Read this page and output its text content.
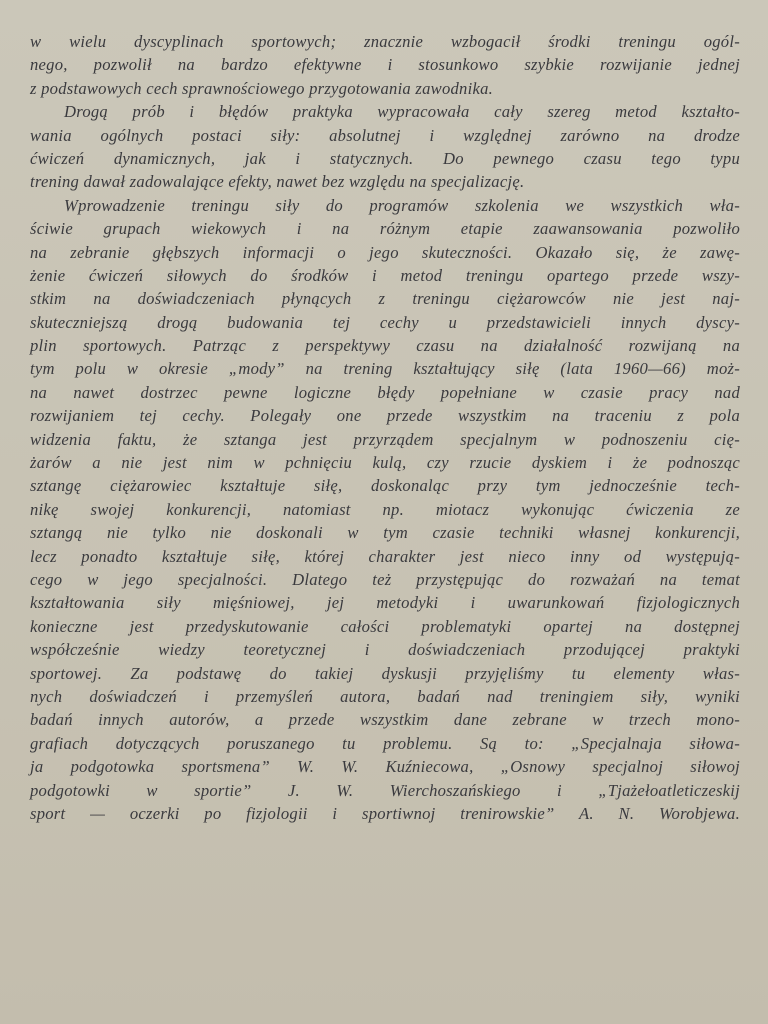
w wielu dyscyplinach sportowych; znacznie wzbogacił środki treningu ogól-
nego, pozwolił na bardzo efektywne i stosunkowo szybkie rozwijanie jednej
z podstawowych cech sprawnościowego przygotowania zawodnika.
Drogą prób i błędów praktyka wypracowała cały szereg metod kształto-
wania ogólnych postaci siły: absolutnej i względnej zarówno na drodze
ćwiczeń dynamicznych, jak i statycznych. Do pewnego czasu tego typu
trening dawał zadowalające efekty, nawet bez względu na specjalizację.
Wprowadzenie treningu siły do programów szkolenia we wszystkich wła-
ściwie grupach wiekowych i na różnym etapie zaawansowania pozwoliło
na zebranie głębszych informacji o jego skuteczności. Okazało się, że zawę-
żenie ćwiczeń siłowych do środków i metod treningu opartego przede wszy-
stkim na doświadczeniach płynących z treningu ciężarowców nie jest naj-
skuteczniejszą drogą budowania tej cechy u przedstawicieli innych dyscy-
plin sportowych. Patrząc z perspektywy czasu na działalność rozwijaną na
tym polu w okresie „mody” na trening kształtujący siłę (lata 1960—66) moż-
na nawet dostrzec pewne logiczne błędy popełniane w czasie pracy nad
rozwijaniem tej cechy. Polegały one przede wszystkim na traceniu z pola
widzenia faktu, że sztanga jest przyrządem specjalnym w podnoszeniu cię-
żarów a nie jest nim w pchnięciu kulą, czy rzucie dyskiem i że podnosząc
sztangę ciężarowiec kształtuje siłę, doskonaląc przy tym jednocześnie tech-
nikę swojej konkurencji, natomiast np. miotacz wykonując ćwiczenia ze
sztangą nie tylko nie doskonali w tym czasie techniki własnej konkurencji,
lecz ponadto kształtuje siłę, której charakter jest nieco inny od występują-
cego w jego specjalności. Dlatego też przystępując do rozważań na temat
kształtowania siły mięśniowej, jej metodyki i uwarunkowań fizjologicznych
konieczne jest przedyskutowanie całości problematyki opartej na dostępnej
współcześnie wiedzy teoretycznej i doświadczeniach przodującej praktyki
sportowej. Za podstawę do takiej dyskusji przyjęliśmy tu elementy włas-
nych doświadczeń i przemyśleń autora, badań nad treningiem siły, wyniki
badań innych autorów, a przede wszystkim dane zebrane w trzech mono-
grafiach dotyczących poruszanego tu problemu. Są to: „Specjalnaja siłowa-
ja podgotowka sportsmena” W. W. Kuźniecowa, „Osnowy specjalnoj siłowoj
podgotowki w sportie” J. W. Wierchoszańskiego i „Tjażełoatleticzeskij
sport — oczerki po fizjologii i sportiwnoj trenirowskie” A. N. Worobjewa.
